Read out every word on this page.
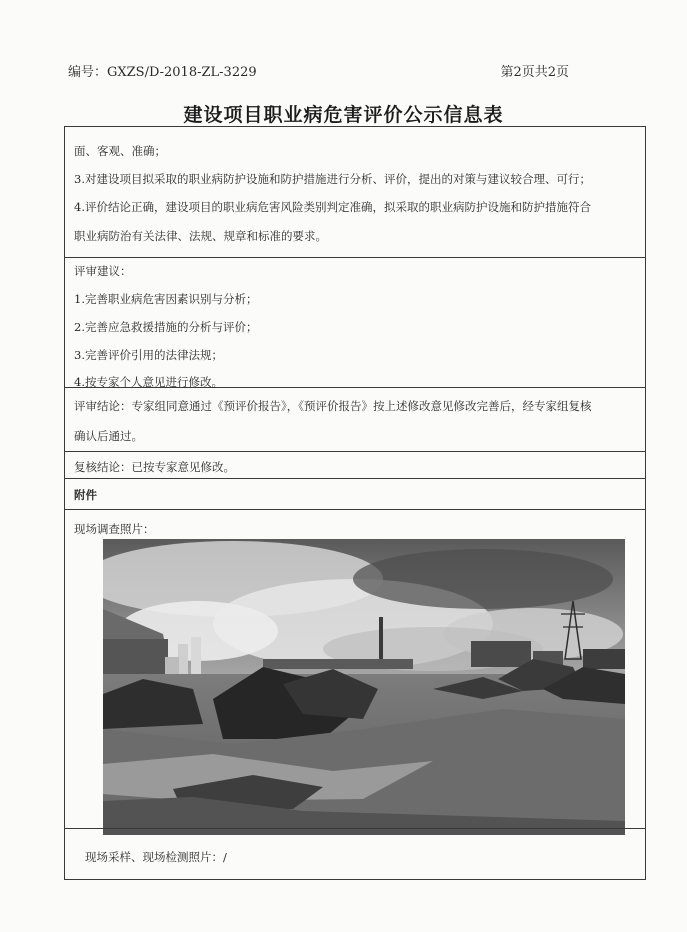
编号：GXZS/D-2018-ZL-3229	第2页共2页
建设项目职业病危害评价公示信息表
面、客观、准确；
3.对建设项目拟采取的职业病防护设施和防护措施进行分析、评价，提出的对策与建议较合理、可行；
4.评价结论正确，建设项目的职业病危害风险类别判定准确，拟采取的职业病防护设施和防护措施符合
职业病防治有关法律、法规、规章和标准的要求。
评审建议：
1.完善职业病危害因素识别与分析；
2.完善应急救援措施的分析与评价；
3.完善评价引用的法律法规；
4.按专家个人意见进行修改。
评审结论：专家组同意通过《预评价报告》，《预评价报告》按上述修改意见修改完善后，经专家组复核
确认后通过。
复核结论：已按专家意见修改。
附件
现场调查照片：
现场采样、现场检测照片：/
